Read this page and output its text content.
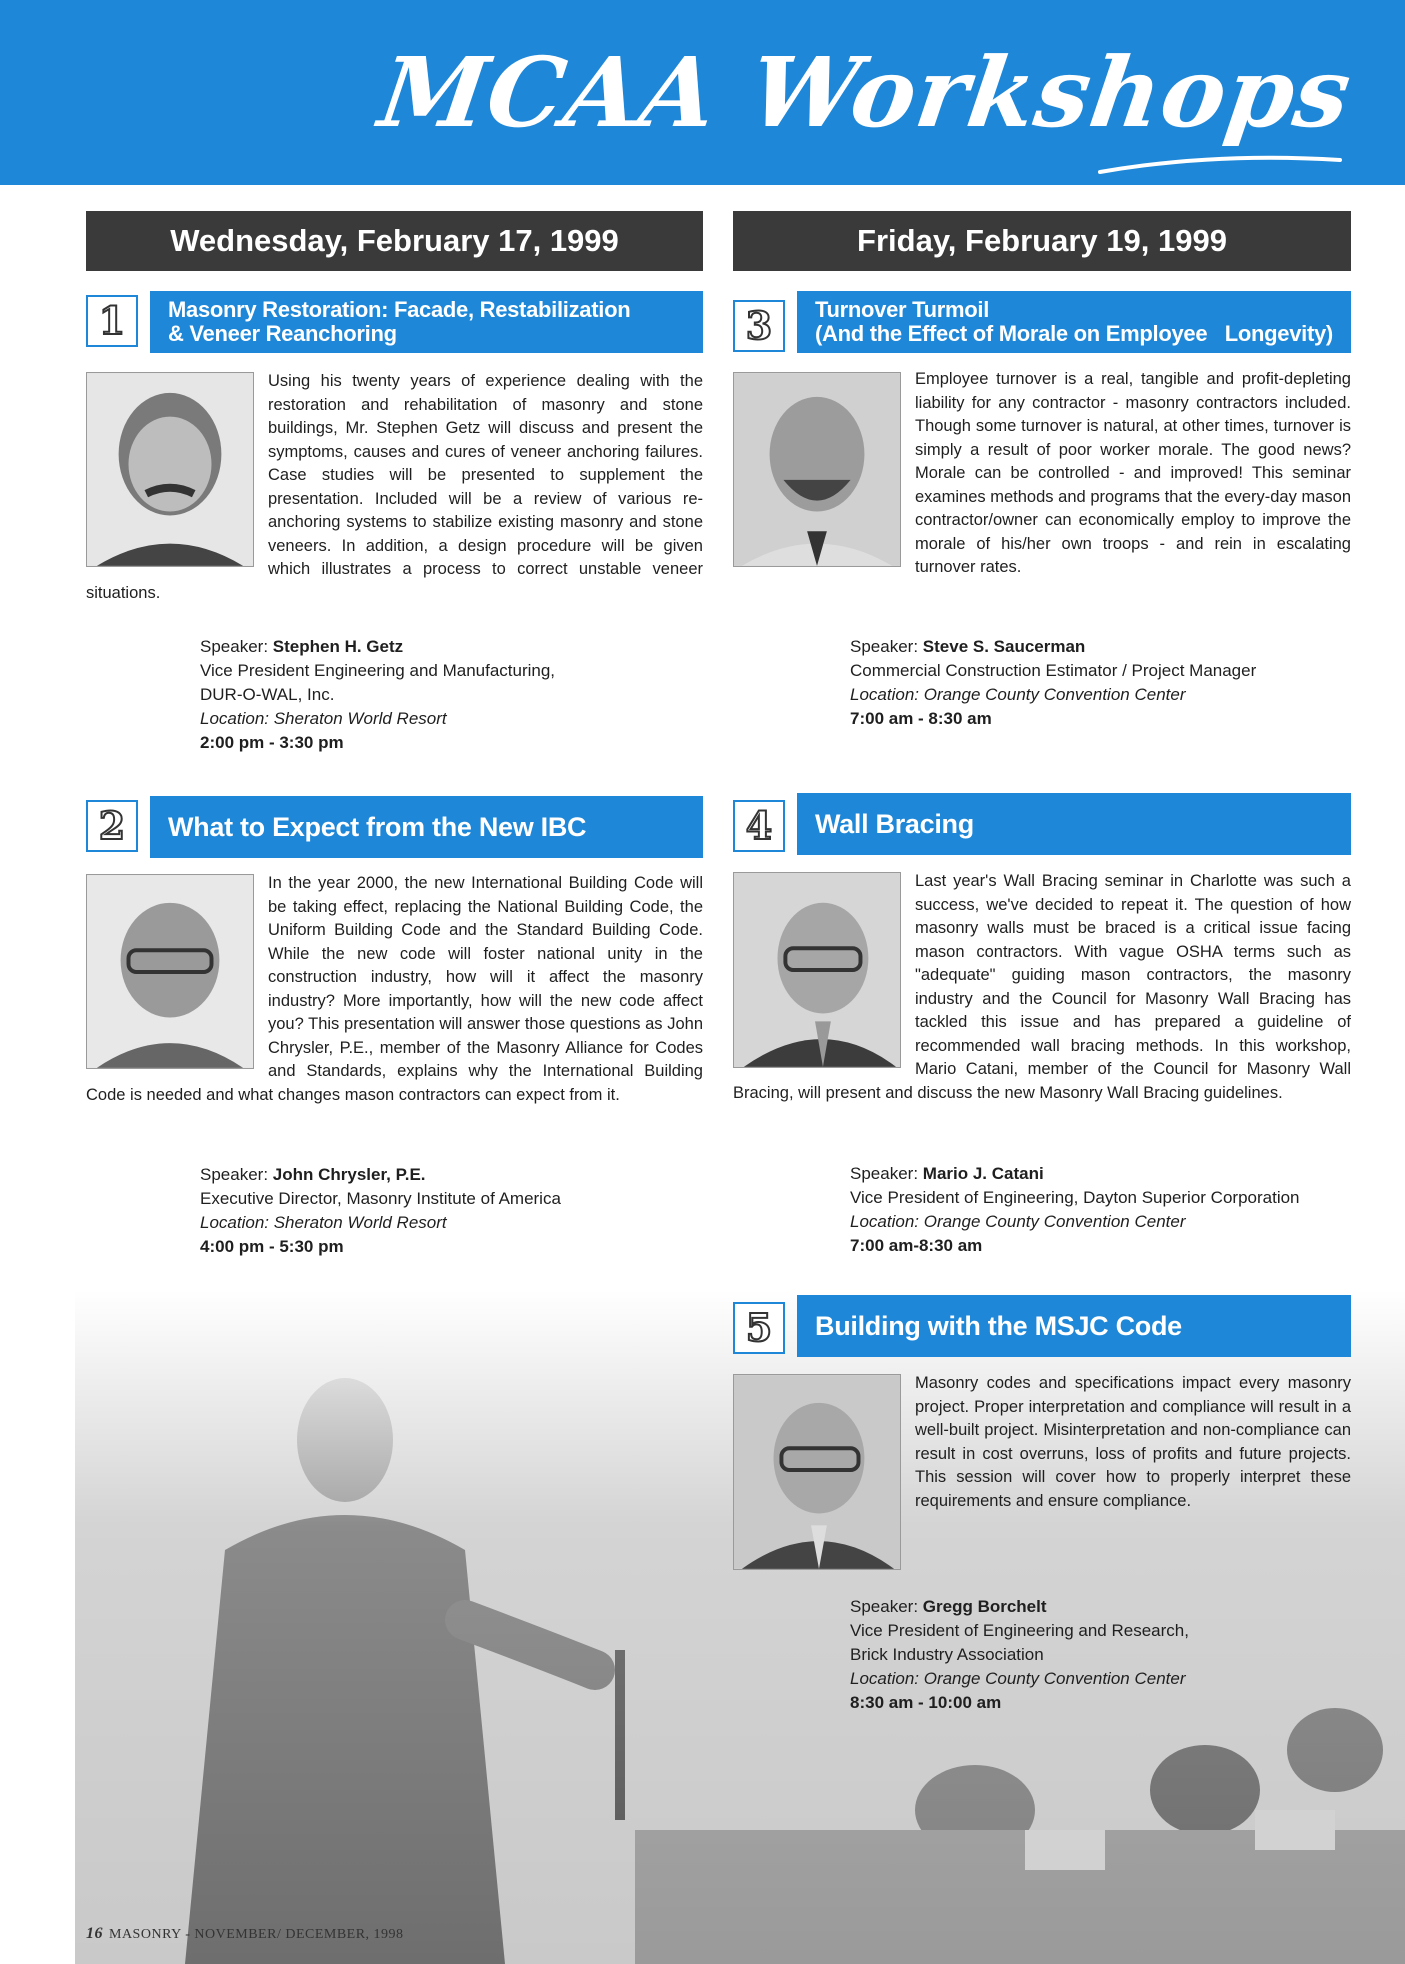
MCAA Workshops
Wednesday, February 17, 1999	Friday, February 19, 1999
1	Masonry Restoration: Facade, Restabilization
& Veneer Reanchoring
Using his twenty years of experience dealing with the restoration and rehabilitation of masonry and stone buildings, Mr. Stephen Getz will discuss and present the symptoms, causes and cures of veneer anchoring failures. Case studies will be presented to supplement the presentation. Included will be a review of various re-anchoring systems to stabilize existing masonry and stone veneers. In addition, a design procedure will be given which illustrates a process to correct unstable veneer situations.
Speaker: Stephen H. Getz
Vice President Engineering and Manufacturing,
DUR-O-WAL, Inc.
Location: Sheraton World Resort
2:00 pm - 3:30 pm
2	What to Expect from the New IBC
In the year 2000, the new International Building Code will be taking effect, replacing the National Building Code, the Uniform Building Code and the Standard Building Code. While the new code will foster national unity in the construction industry, how will it affect the masonry industry? More importantly, how will the new code affect you? This presentation will answer those questions as John Chrysler, P.E., member of the Masonry Alliance for Codes and Standards, explains why the International Building Code is needed and what changes mason contractors can expect from it.
Speaker: John Chrysler, P.E.
Executive Director, Masonry Institute of America
Location: Sheraton World Resort
4:00 pm - 5:30 pm
3	Turnover Turmoil
(And the Effect of Morale on Employee   Longevity)
Employee turnover is a real, tangible and profit-depleting liability for any contractor - masonry contractors included. Though some turnover is natural, at other times, turnover is simply a result of poor worker morale. The good news? Morale can be controlled - and improved! This seminar examines methods and programs that the every-day mason contractor/owner can economically employ to improve the morale of his/her own troops - and rein in escalating turnover rates.
Speaker: Steve S. Saucerman
Commercial Construction Estimator / Project Manager
Location: Orange County Convention Center
7:00 am - 8:30 am
4	Wall Bracing
Last year's Wall Bracing seminar in Charlotte was such a success, we've decided to repeat it. The question of how masonry walls must be braced is a critical issue facing mason contractors. With vague OSHA terms such as "adequate" guiding mason contractors, the masonry industry and the Council for Masonry Wall Bracing has tackled this issue and has prepared a guideline of recommended wall bracing methods. In this workshop, Mario Catani, member of the Council for Masonry Wall Bracing, will present and discuss the new Masonry Wall Bracing guidelines.
Speaker: Mario J. Catani
Vice President of Engineering, Dayton Superior Corporation
Location: Orange County Convention Center
7:00 am-8:30 am
5	Building with the MSJC Code
Masonry codes and specifications impact every masonry project. Proper interpretation and compliance will result in a well-built project. Misinterpretation and non-compliance can result in cost overruns, loss of profits and future projects. This session will cover how to properly interpret these requirements and ensure compliance.
Speaker: Gregg Borchelt
Vice President of Engineering and Research,
Brick Industry Association
Location: Orange County Convention Center
8:30 am - 10:00 am
16 MASONRY - NOVEMBER/ DECEMBER, 1998
